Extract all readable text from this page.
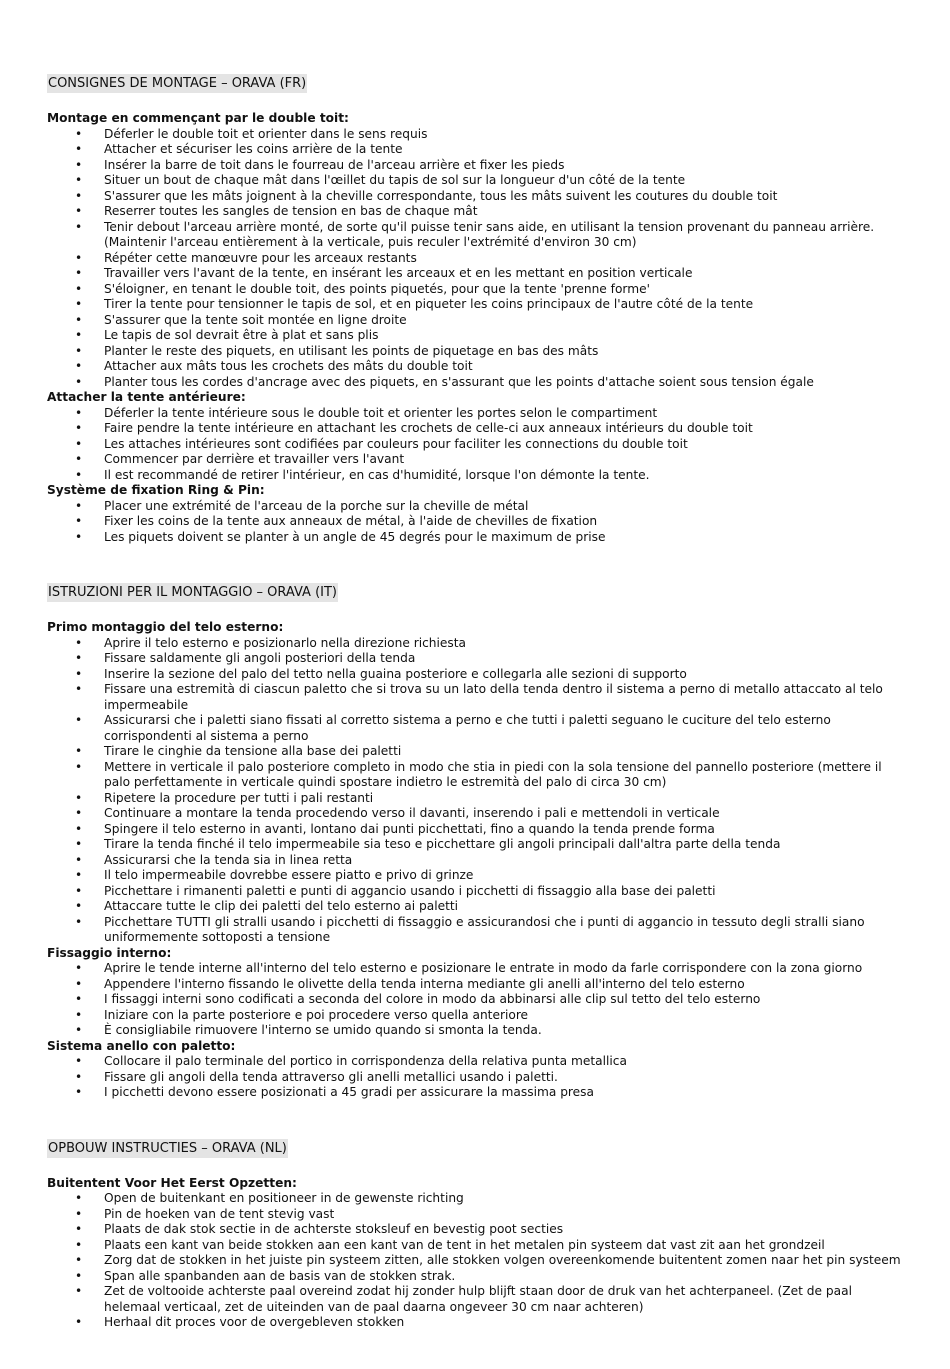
CONSIGNES DE MONTAGE – ORAVA (FR)
Montage en commençant par le double toit:
• Déferler le double toit et orienter dans le sens requis
• Attacher et sécuriser les coins arrière de la tente
• Insérer la barre de toit dans le fourreau de l'arceau arrière et fixer les pieds
• Situer un bout de chaque mât dans l'œillet du tapis de sol sur la longueur d'un côté de la tente
• S'assurer que les mâts joignent à la cheville correspondante, tous les mâts suivent les coutures du double toit
• Reserrer toutes les sangles de tension en bas de chaque mât
• Tenir debout l'arceau arrière monté, de sorte qu'il puisse tenir sans aide, en utilisant la tension provenant du panneau arrière. (Maintenir l'arceau entièrement à la verticale, puis reculer l'extrémité d'environ 30 cm)
• Répéter cette manœuvre pour les arceaux restants
• Travailler vers l'avant de la tente, en insérant les arceaux et en les mettant en position verticale
• S'éloigner, en tenant le double toit, des points piquetés, pour que la tente 'prenne forme'
• Tirer la tente pour tensionner le tapis de sol, et en piqueter les coins principaux de l'autre côté de la tente
• S'assurer que la tente soit montée en ligne droite
• Le tapis de sol devrait être à plat et sans plis
• Planter le reste des piquets, en utilisant les points de piquetage en bas des mâts
• Attacher aux mâts tous les crochets des mâts du double toit
• Planter tous les cordes d'ancrage avec des piquets, en s'assurant que les points d'attache soient sous tension égale
Attacher la tente antérieure:
• Déferler la tente intérieure sous le double toit et orienter les portes selon le compartiment
• Faire pendre la tente intérieure en attachant les crochets de celle-ci aux anneaux intérieurs du double toit
• Les attaches intérieures sont codifiées par couleurs pour faciliter les connections du double toit
• Commencer par derrière et travailler vers l'avant
• Il est recommandé de retirer l'intérieur, en cas d'humidité, lorsque l'on démonte la tente.
Système de fixation Ring & Pin:
• Placer une extrémité de l'arceau de la porche sur la cheville de métal
• Fixer les coins de la tente aux anneaux de métal, à l'aide de chevilles de fixation
• Les piquets doivent se planter à un angle de 45 degrés pour le maximum de prise
ISTRUZIONI PER IL MONTAGGIO – ORAVA (IT)
Primo montaggio del telo esterno:
• Aprire il telo esterno e posizionarlo nella direzione richiesta
• Fissare saldamente gli angoli posteriori della tenda
• Inserire la sezione del palo del tetto nella guaina posteriore e collegarla alle sezioni di supporto
• Fissare una estremità di ciascun paletto che si trova su un lato della tenda dentro il sistema a perno di metallo attaccato al telo impermeabile
• Assicurarsi che i paletti siano fissati al corretto sistema a perno e che tutti i paletti seguano le cuciture del telo esterno corrispondenti al sistema a perno
• Tirare le cinghie da tensione alla base dei paletti
• Mettere in verticale il palo posteriore completo in modo che stia in piedi con la sola tensione del pannello posteriore (mettere il palo perfettamente in verticale quindi spostare indietro le estremità del palo di circa 30 cm)
• Ripetere la procedure per tutti i pali restanti
• Continuare a montare la tenda procedendo verso il davanti, inserendo i pali e mettendoli in verticale
• Spingere il telo esterno in avanti, lontano dai punti picchettati, fino a quando la tenda prende forma
• Tirare la tenda finché il telo impermeabile sia teso e picchettare gli angoli principali dall'altra parte della tenda
• Assicurarsi che la tenda sia in linea retta
• Il telo impermeabile dovrebbe essere piatto e privo di grinze
• Picchettare i rimanenti paletti e punti di aggancio usando i picchetti di fissaggio alla base dei paletti
• Attaccare tutte le clip dei paletti del telo esterno ai paletti
• Picchettare TUTTI gli stralli usando i picchetti di fissaggio e assicurandosi che i punti di aggancio in tessuto degli stralli siano uniformemente sottoposti a tensione
Fissaggio interno:
• Aprire le tende interne all'interno del telo esterno e posizionare le entrate in modo da farle corrispondere con la zona giorno
• Appendere l'interno fissando le olivette della tenda interna mediante gli anelli all'interno del telo esterno
• I fissaggi interni sono codificati a seconda del colore in modo da abbinarsi alle clip sul tetto del telo esterno
• Iniziare con la parte posteriore e poi procedere verso quella anteriore
• È consigliabile rimuovere l'interno se umido quando si smonta la tenda.
Sistema anello con paletto:
• Collocare il palo terminale del portico in corrispondenza della relativa punta metallica
• Fissare gli angoli della tenda attraverso gli anelli metallici usando i paletti.
• I picchetti devono essere posizionati a 45 gradi per assicurare la massima presa
OPBOUW INSTRUCTIES – ORAVA (NL)
Buitentent Voor Het Eerst Opzetten:
• Open de buitenkant en positioneer in de gewenste richting
• Pin de hoeken van de tent stevig vast
• Plaats de dak stok sectie in de achterste stoksleuf en bevestig poot secties
• Plaats een kant van beide stokken aan een kant van de tent in het metalen pin systeem dat vast zit aan het grondzeil
• Zorg dat de stokken in het juiste pin systeem zitten, alle stokken volgen overeenkomende buitentent zomen naar het pin systeem
• Span alle spanbanden aan de basis van de stokken strak.
• Zet de voltooide achterste paal overeind zodat hij zonder hulp blijft staan door de druk van het achterpaneel. (Zet de paal helemaal verticaal, zet de uiteinden van de paal daarna ongeveer 30 cm naar achteren)
• Herhaal dit proces voor de overgebleven stokken
